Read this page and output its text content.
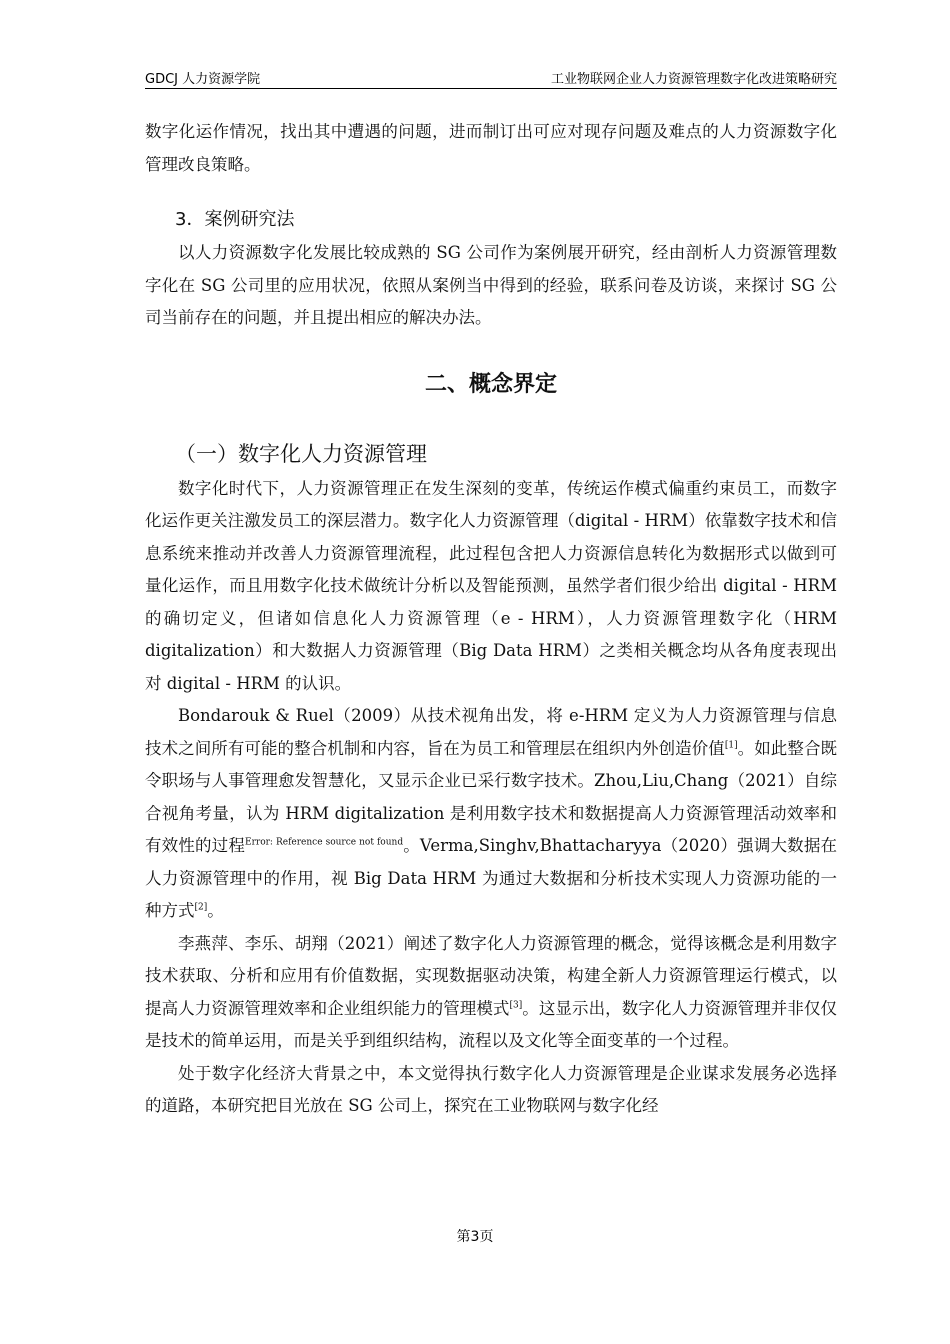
GDCJ 人力资源学院	工业物联网企业人力资源管理数字化改进策略研究

数字化运作情况，找出其中遭遇的问题，进而制订出可应对现存问题及难点的人力资源数字化管理改良策略。

3．案例研究法

以人力资源数字化发展比较成熟的 SG 公司作为案例展开研究，经由剖析人力资源管理数字化在 SG 公司里的应用状况，依照从案例当中得到的经验，联系问卷及访谈，来探讨 SG 公司当前存在的问题，并且提出相应的解决办法。

二、概念界定
（一）数字化人力资源管理

数字化时代下，人力资源管理正在发生深刻的变革，传统运作模式偏重约束员工，而数字化运作更关注激发员工的深层潜力。数字化人力资源管理（digital - HRM）依靠数字技术和信息系统来推动并改善人力资源管理流程，此过程包含把人力资源信息转化为数据形式以做到可量化运作，而且用数字化技术做统计分析以及智能预测，虽然学者们很少给出 digital - HRM 的确切定义，但诸如信息化人力资源管理（e - HRM），人力资源管理数字化（HRM digitalization）和大数据人力资源管理（Big Data HRM）之类相关概念均从各角度表现出对 digital - HRM 的认识。

Bondarouk & Ruel（2009）从技术视角出发，将 e-HRM 定义为人力资源管理与信息技术之间所有可能的整合机制和内容，旨在为员工和管理层在组织内外创造价值[1]。如此整合既令职场与人事管理愈发智慧化，又显示企业已采行数字技术。Zhou,Liu,Chang（2021）自综合视角考量，认为 HRM digitalization 是利用数字技术和数据提高人力资源管理活动效率和有效性的过程$^{Error: Reference source not found}$。Verma,Singhv,Bhattacharyya（2020）强调大数据在人力资源管理中的作用，视 Big Data HRM 为通过大数据和分析技术实现人力资源功能的一种方式[2]。

李燕萍、李乐、胡翔（2021）阐述了数字化人力资源管理的概念，觉得该概念是利用数字技术获取、分析和应用有价值数据，实现数据驱动决策，构建全新人力资源管理运行模式，以提高人力资源管理效率和企业组织能力的管理模式[3]。这显示出，数字化人力资源管理并非仅仅是技术的简单运用，而是关乎到组织结构，流程以及文化等全面变革的一个过程。

处于数字化经济大背景之中，本文觉得执行数字化人力资源管理是企业谋求发展务必选择的道路，本研究把目光放在 SG 公司上，探究在工业物联网与数字化经

第3页
